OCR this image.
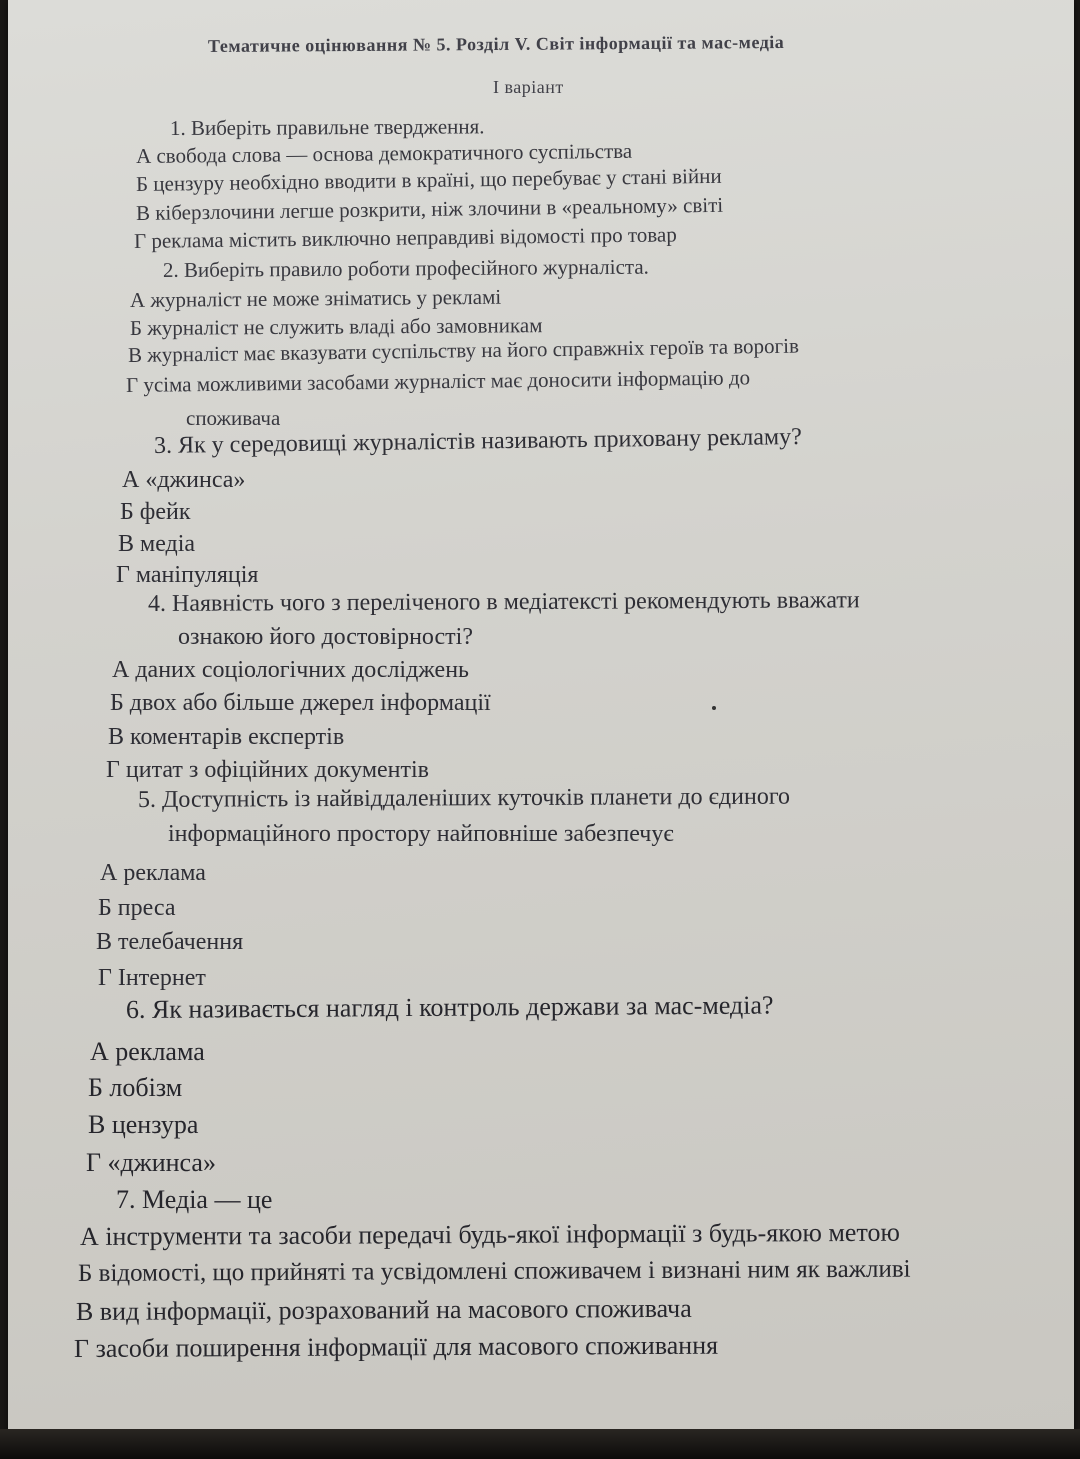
Тематичне оцінювання № 5. Розділ V. Світ інформації та мас-медіа
І варіант
1. Виберіть правильне твердження.
А свобода слова — основа демократичного суспільства
Б цензуру необхідно вводити в країні, що перебуває у стані війни
В кіберзлочини легше розкрити, ніж злочини в «реальному» світі
Г реклама містить виключно неправдиві відомості про товар
2. Виберіть правило роботи професійного журналіста.
А журналіст не може зніматись у рекламі
Б журналіст не служить владі або замовникам
В журналіст має вказувати суспільству на його справжніх героїв та ворогів
Г усіма можливими засобами журналіст має доносити інформацію до
споживача
3. Як у середовищі журналістів називають приховану рекламу?
А «джинса»
Б фейк
В медіа
Г маніпуляція
4. Наявність чого з переліченого в медіатексті рекомендують вважати
ознакою його достовірності?
А даних соціологічних досліджень
Б двох або більше джерел інформації
В коментарів експертів
Г цитат з офіційних документів
5. Доступність із найвіддаленіших куточків планети до єдиного
інформаційного простору найповніше забезпечує
А реклама
Б преса
В телебачення
Г Інтернет
6. Як називається нагляд і контроль держави за мас-медіа?
А реклама
Б лобізм
В цензура
Г «джинса»
7. Медіа — це
А інструменти та засоби передачі будь-якої інформації з будь-якою метою
Б відомості, що прийняті та усвідомлені споживачем і визнані ним як важливі
В вид інформації, розрахований на масового споживача
Г засоби поширення інформації для масового споживання
